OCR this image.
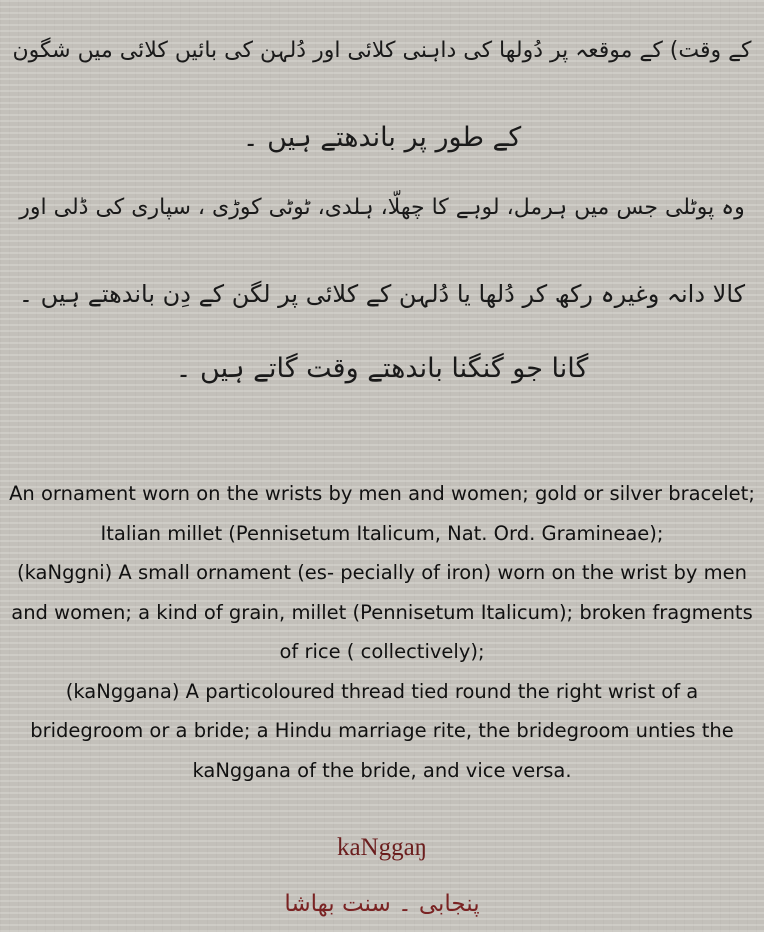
کے وقت) کے موقعہ پر دُولھا کی داہنی کلائی اور دُلہن کی بائیں کلائی میں شگون
کے طور پر باندھتے ہیں ۔
وہ پوٹلی جس میں ہرمل، لوہے کا چھلّا، ہلدی، ٹوٹی کوڑی ، سپاری کی ڈلی اور
کالا دانہ وغیرہ رکھ کر دُلھا یا دُلہن کے کلائی پر لگن کے دِن باندھتے ہیں ۔
گانا جو گنگنا باندھتے وقت گاتے ہیں ۔

An ornament worn on the wrists by men and women; gold or silver bracelet; Italian millet (Pennisetum Italicum, Nat. Ord. Gramineae);

(kaNggni) A small ornament (es- pecially of iron) worn on the wrist by men and women; a kind of grain, millet (Pennisetum Italicum); broken fragments of rice ( collectively);

(kaNggana) A particoloured thread tied round the right wrist of a bridegroom or a bride; a Hindu marriage rite, the bridegroom unties the kaNggana of the bride, and vice versa.

kaNggaŋ
پنجابی ۔ سنت بھاشا
